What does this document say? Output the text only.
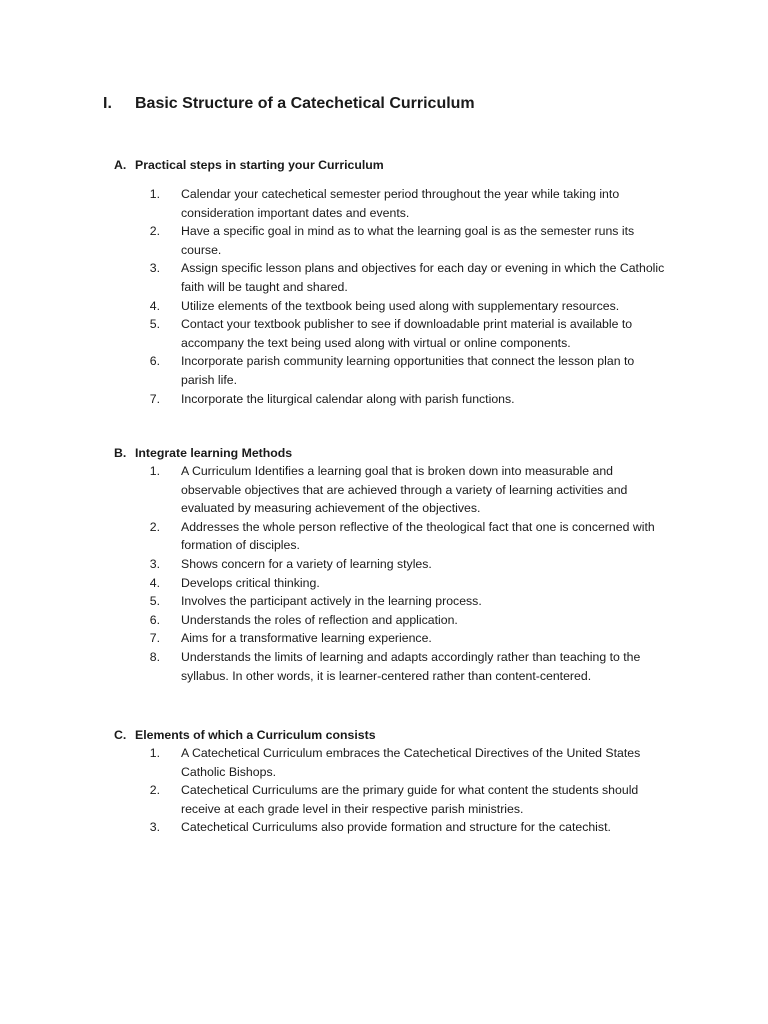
I.	Basic Structure of a Catechetical Curriculum
A. Practical steps in starting your Curriculum
1.	Calendar your catechetical semester period throughout the year while taking into
consideration important dates and events.
2.	Have a specific goal in mind as to what the learning goal is as the semester runs its
course.
3.	Assign specific lesson plans and objectives for each day or evening in which the Catholic
faith will be taught and shared.
4.	Utilize elements of the textbook being used along with supplementary resources.
5.	Contact your textbook publisher to see if downloadable print material is available to
accompany the text being used along with virtual or online components.
6.	Incorporate parish community learning opportunities that connect the lesson plan to
parish life.
7.	Incorporate the liturgical calendar along with parish functions.
B. Integrate learning Methods
1.	A Curriculum Identifies a learning goal that is broken down into measurable and
observable objectives that are achieved through a variety of learning activities and
evaluated by measuring achievement of the objectives.
2.	Addresses the whole person reflective of the theological fact that one is concerned with
formation of disciples.
3.	Shows concern for a variety of learning styles.
4.	Develops critical thinking.
5.	Involves the participant actively in the learning process.
6.	Understands the roles of reflection and application.
7.	Aims for a transformative learning experience.
8.	Understands the limits of learning and adapts accordingly rather than teaching to the
syllabus. In other words, it is learner-centered rather than content-centered.
C. Elements of which a Curriculum consists
1.	A Catechetical Curriculum embraces the Catechetical Directives of the United States
Catholic Bishops.
2.	Catechetical Curriculums are the primary guide for what content the students should
receive at each grade level in their respective parish ministries.
3.	Catechetical Curriculums also provide formation and structure for the catechist.
